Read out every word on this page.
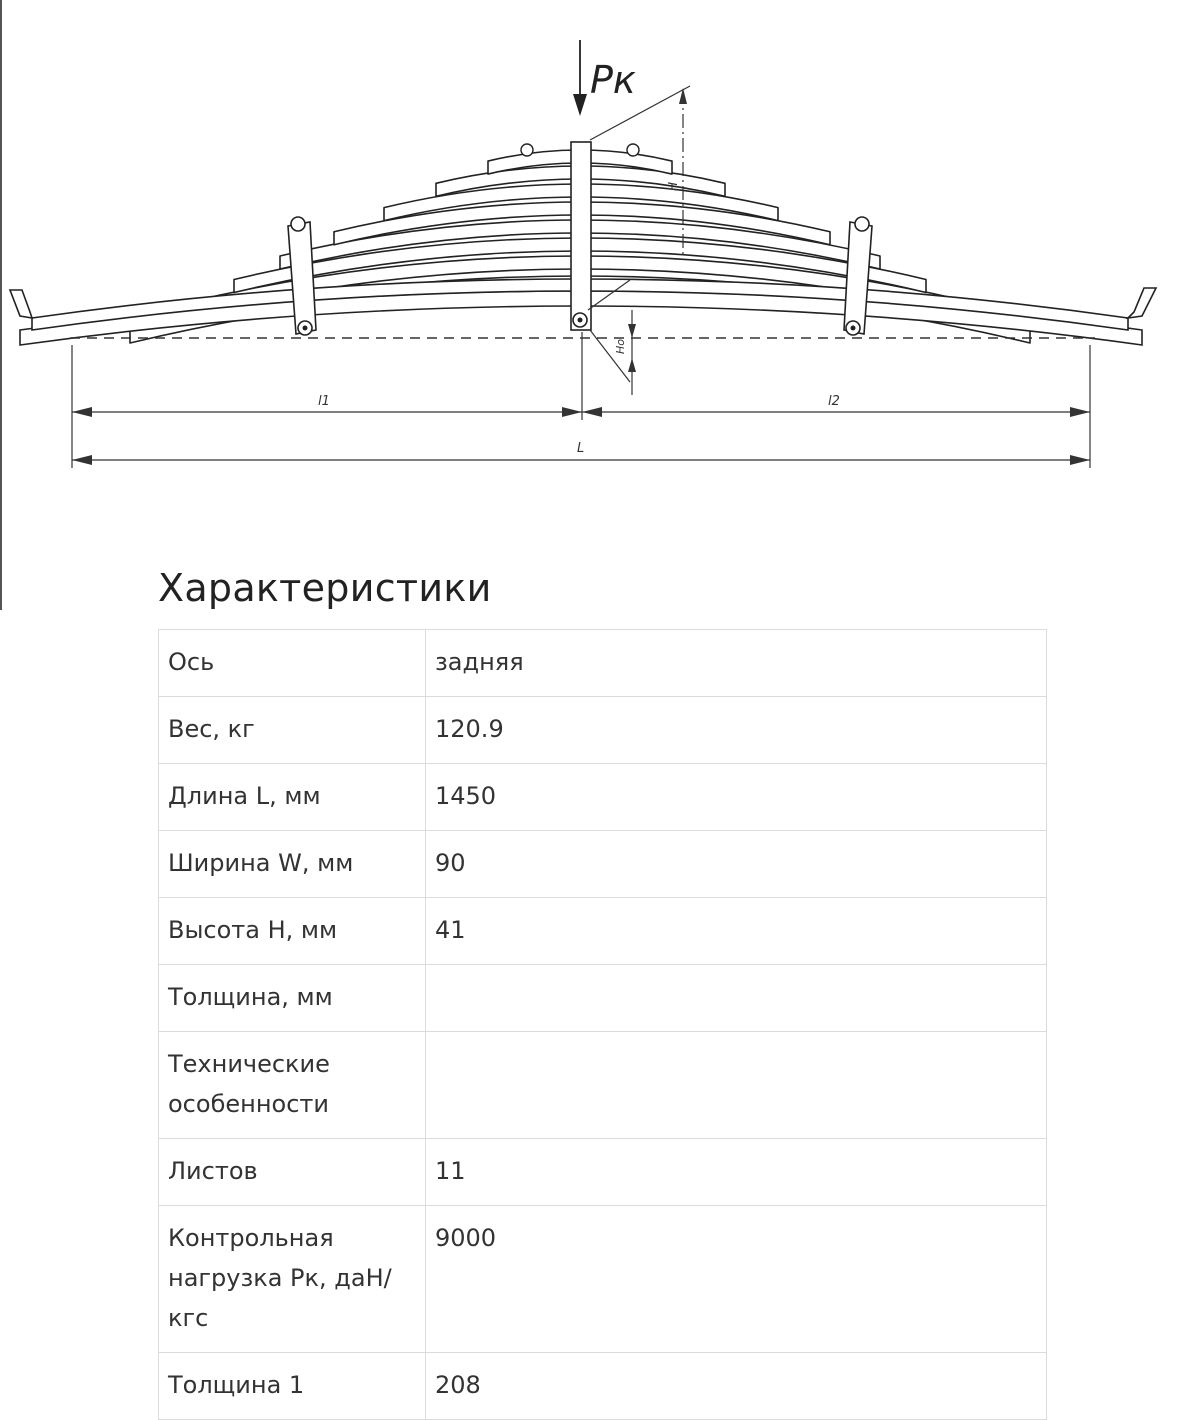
Рк
H
Hо
l1	l2
L
Характеристики
Ось	задняя
Вес, кг	120.9
Длина L, мм	1450
Ширина W, мм	90
Высота H, мм	41
Толщина, мм	
Технические особенности	
Листов	11
Контрольная нагрузка Рк, даН/кгс	9000
Толщина 1	208
